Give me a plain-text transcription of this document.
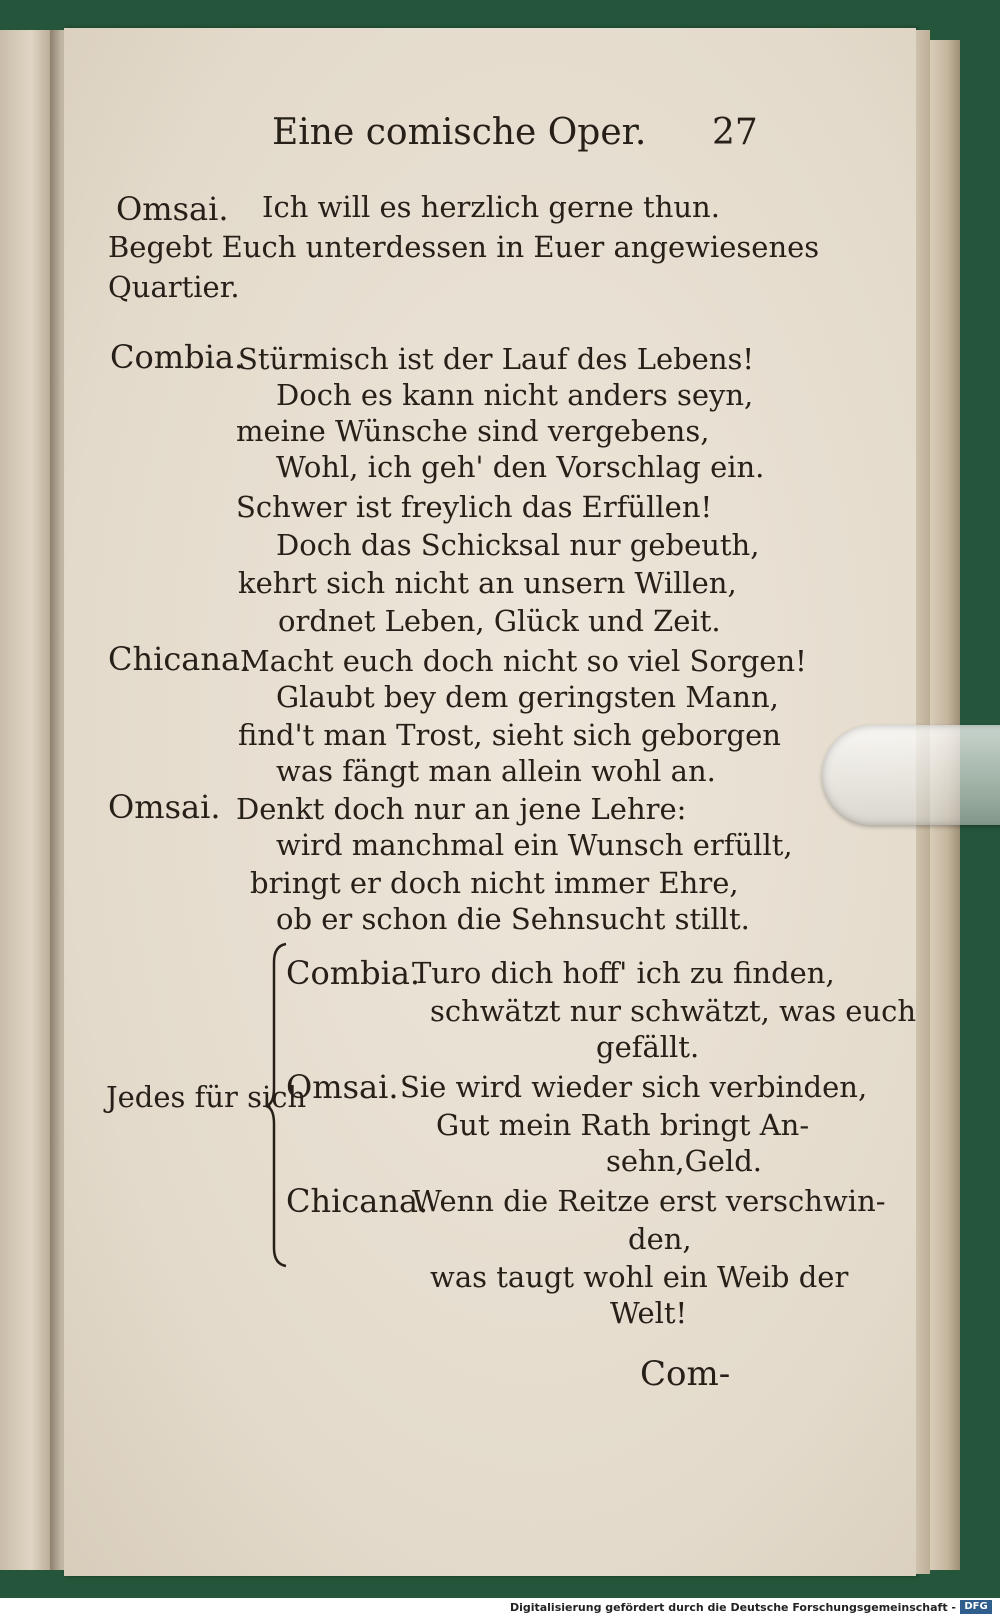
Eine comische Oper. 27
Omsai. Ich will es herzlich gerne thun.
Begebt Euch unterdessen in Euer angewiesenes
Quartier.
Combia.
Stürmisch ist der Lauf des Lebens!
Doch es kann nicht anders seyn,
meine Wünsche sind vergebens,
Wohl, ich geh' den Vorschlag ein.
Schwer ist freylich das Erfüllen!
Doch das Schicksal nur gebeuth,
kehrt sich nicht an unsern Willen,
ordnet Leben, Glück und Zeit.
Chicana.
Macht euch doch nicht so viel Sorgen!
Glaubt bey dem geringsten Mann,
find't man Trost, sieht sich geborgen
was fängt man allein wohl an.
Omsai. Denkt doch nur an jene Lehre:
wird manchmal ein Wunsch erfüllt,
bringt er doch nicht immer Ehre,
ob er schon die Sehnsucht stillt.
Jedes für sich
Combia.
Turo dich hoff' ich zu finden,
schwätzt nur schwätzt, was euch
gefällt.
Omsai. Sie wird wieder sich verbinden,
Gut mein Rath bringt An-
sehn,Geld.
Chicana.
Wenn die Reitze erst verschwin-
den,
was taugt wohl ein Weib der
Welt!
Com-
Digitalisierung gefördert durch die Deutsche Forschungsgemeinschaft - DFG
